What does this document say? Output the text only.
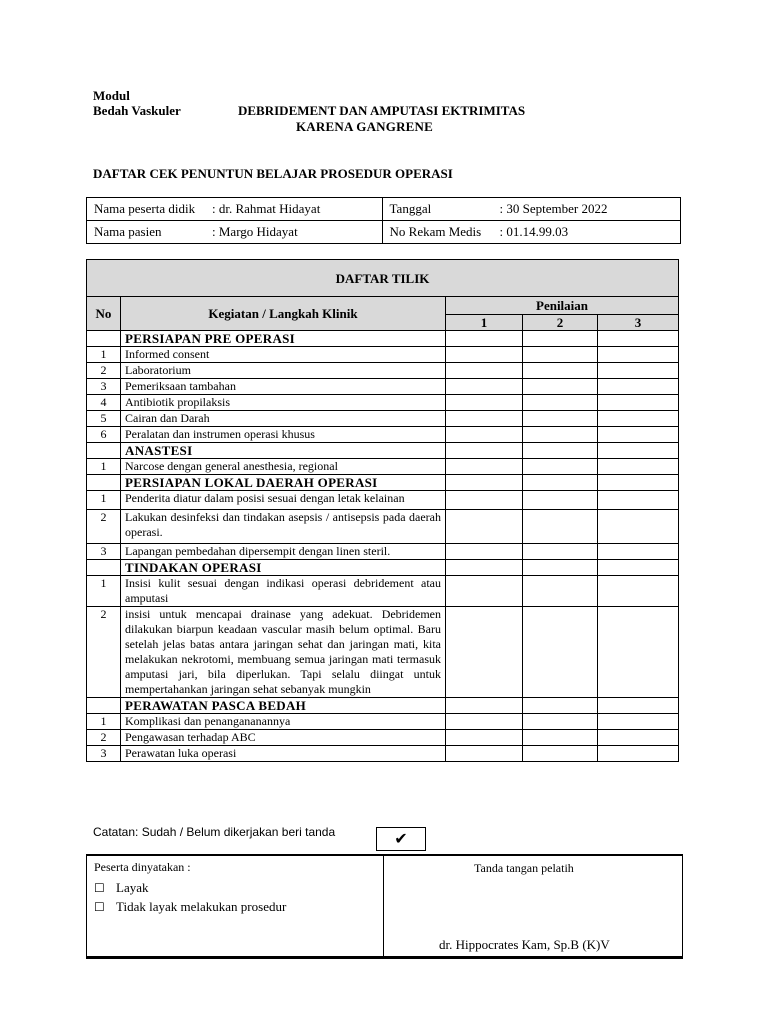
Modul
Bedah Vaskuler	DEBRIDEMENT DAN AMPUTASI EKTRIMITAS
KARENA GANGRENE
DAFTAR CEK PENUNTUN BELAJAR PROSEDUR OPERASI
Nama peserta didik : dr. Rahmat Hidayat	Tanggal : 30 September 2022
Nama pasien : Margo Hidayat	No Rekam Medis : 01.14.99.03
DAFTAR TILIK				
No	Kegiatan / Langkah Klinik	Penilaian		
		1	2	3
	PERSIAPAN PRE OPERASI			
1	Informed consent			
2	Laboratorium			
3	Pemeriksaan tambahan			
4	Antibiotik propilaksis			
5	Cairan dan Darah			
6	Peralatan dan instrumen operasi khusus			
	ANASTESI			
1	Narcose dengan general anesthesia, regional			
	PERSIAPAN LOKAL DAERAH OPERASI			
1	Penderita diatur dalam posisi sesuai dengan letak kelainan			
2	Lakukan desinfeksi dan tindakan asepsis / antisepsis pada daerah operasi.			
3	Lapangan pembedahan dipersempit dengan linen steril.			
	TINDAKAN OPERASI			
1	Insisi kulit sesuai dengan indikasi operasi debridement atau amputasi			
2	insisi untuk mencapai drainase yang adekuat. Debridemen dilakukan biarpun keadaan vascular masih belum optimal. Baru setelah jelas batas antara jaringan sehat dan jaringan mati, kita melakukan nekrotomi, membuang semua jaringan mati termasuk amputasi jari, bila diperlukan. Tapi selalu diingat untuk mempertahankan jaringan sehat sebanyak mungkin			
	PERAWATAN PASCA BEDAH			
1	Komplikasi dan penangananannya			
2	Pengawasan terhadap ABC			
3	Perawatan luka operasi			
Catatan: Sudah / Belum dikerjakan beri tanda	✔
Peserta dinyatakan :
☐ Layak
☐ Tidak layak melakukan prosedur
Tanda tangan pelatih
dr. Hippocrates Kam, Sp.B (K)V
